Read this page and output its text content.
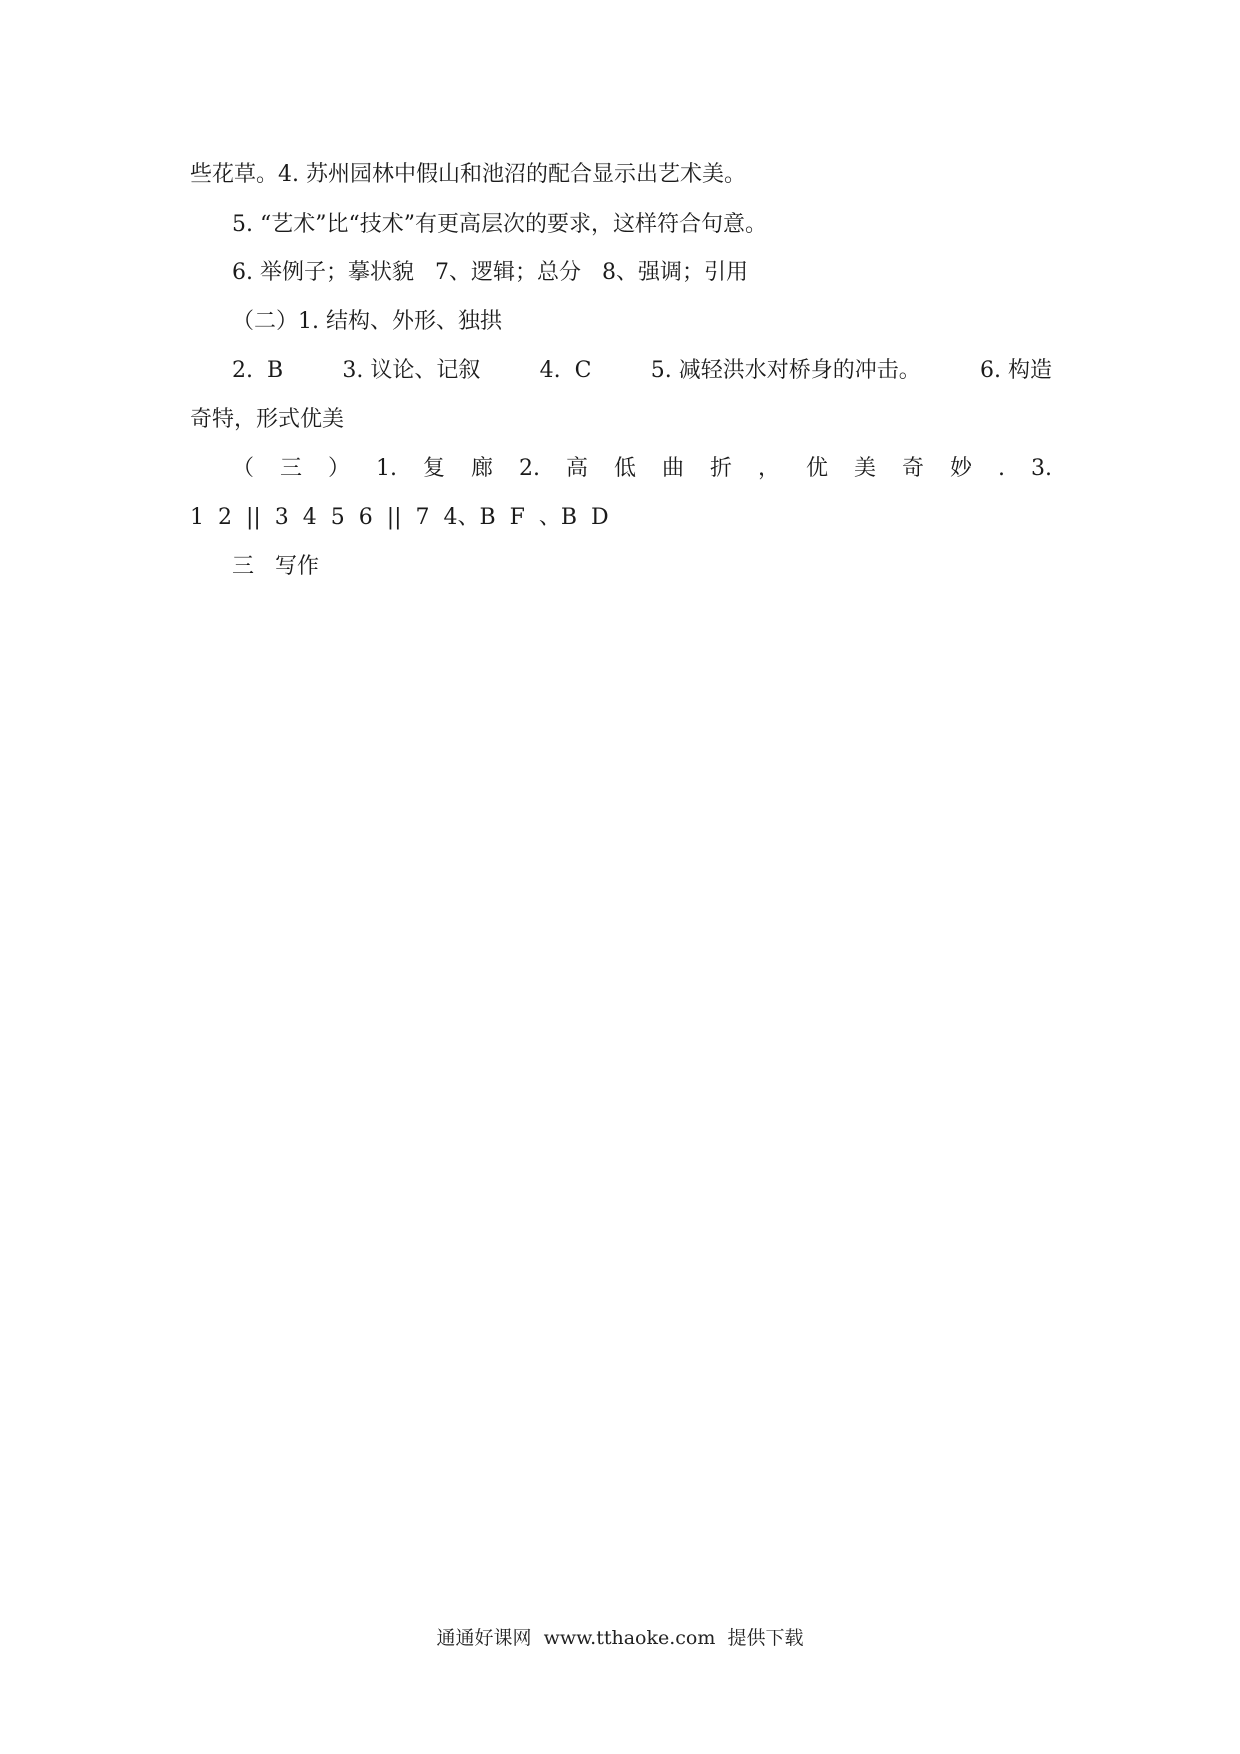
些花草。4. 苏州园林中假山和池沼的配合显示出艺术美。
5. “艺术”比“技术”有更高层次的要求，这样符合句意。
6. 举例子；摹状貌   7、逻辑；总分   8、强调；引用
（二）1. 结构、外形、独拱
2.  B	3. 议论、记叙	4.  C	5. 减轻洪水对桥身的冲击。	6. 构造
奇特，形式优美
（ 三 ） 1. 复 廊 2. 高 低 曲 折 ， 优 美 奇 妙 . 3.
1  2  ||  3  4  5  6  ||  7  4、B  F  、B  D
三   写作
通通好课网  www.tthaoke.com  提供下载
